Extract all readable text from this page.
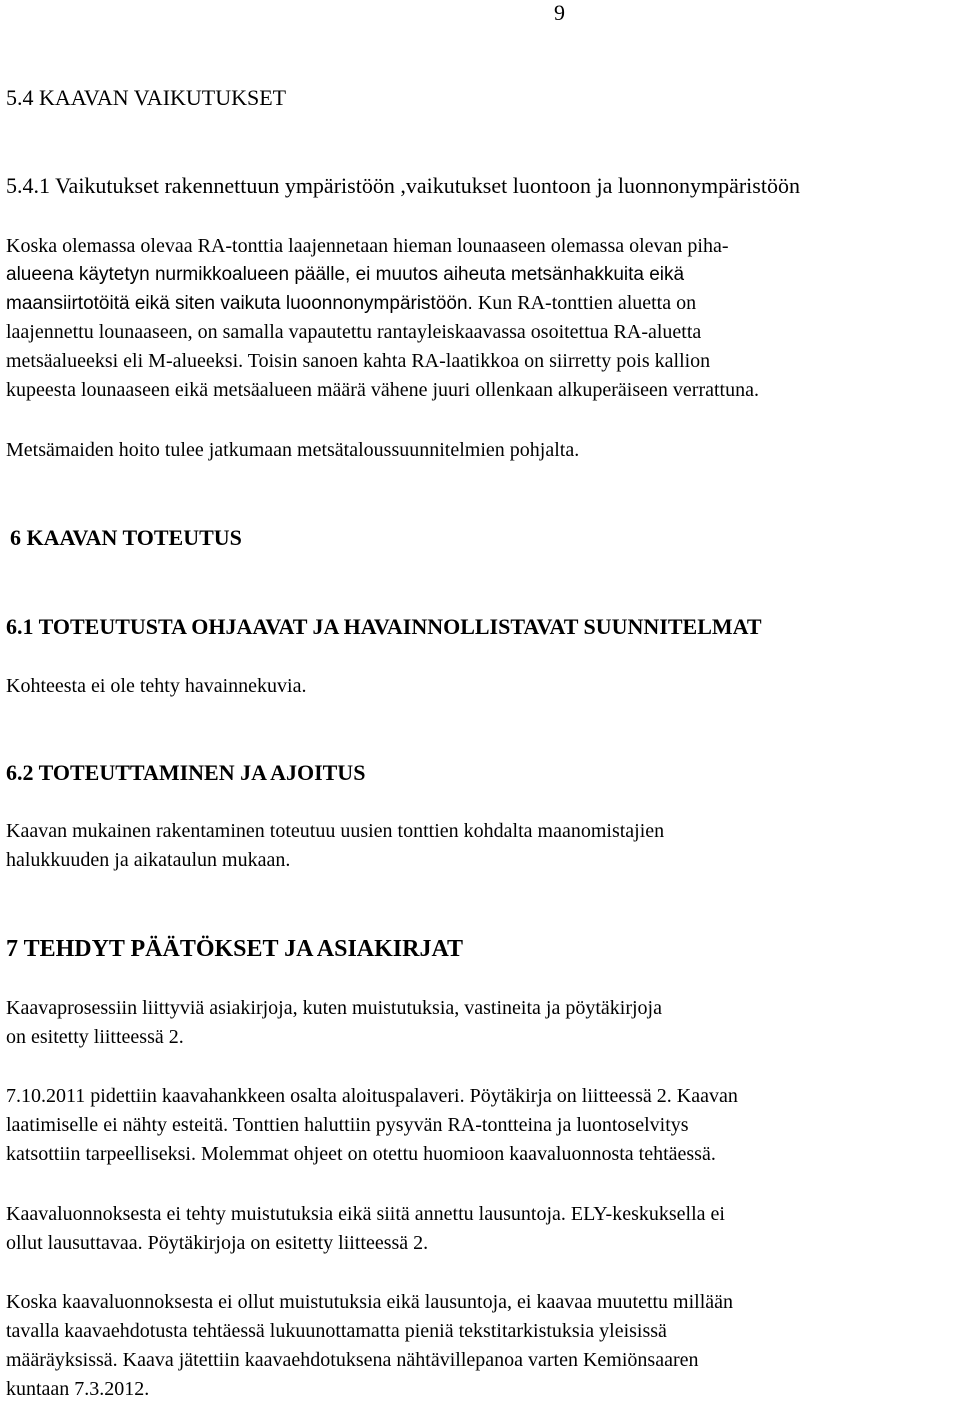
9
5.4 KAAVAN VAIKUTUKSET
5.4.1 Vaikutukset rakennettuun ympäristöön ,vaikutukset luontoon ja luonnonympäristöön
Koska olemassa olevaa RA-tonttia laajennetaan hieman lounaaseen olemassa olevan piha-
alueena käytetyn nurmikkoalueen päälle, ei muutos aiheuta metsänhakkuita eikä
maansiirtotöitä eikä siten vaikuta luoonnonympäristöön. Kun RA-tonttien aluetta on
laajennettu lounaaseen, on samalla vapautettu rantayleiskaavassa osoitettua RA-aluetta
metsäalueeksi eli M-alueeksi. Toisin sanoen kahta RA-laatikkoa on siirretty pois kallion
kupeesta lounaaseen eikä metsäalueen määrä vähene juuri ollenkaan alkuperäiseen verrattuna.
Metsämaiden hoito tulee jatkumaan metsätaloussuunnitelmien pohjalta.
6 KAAVAN TOTEUTUS
6.1 TOTEUTUSTA OHJAAVAT JA HAVAINNOLLISTAVAT SUUNNITELMAT
Kohteesta ei ole tehty havainnekuvia.
6.2 TOTEUTTAMINEN JA AJOITUS
Kaavan mukainen rakentaminen toteutuu uusien tonttien kohdalta maanomistajien
halukkuuden ja aikataulun mukaan.
7 TEHDYT PÄÄTÖKSET JA ASIAKIRJAT
Kaavaprosessiin liittyviä asiakirjoja, kuten muistutuksia, vastineita ja pöytäkirjoja
on esitetty liitteessä 2.
7.10.2011 pidettiin kaavahankkeen osalta aloituspalaveri. Pöytäkirja on liitteessä 2. Kaavan
laatimiselle ei nähty esteitä. Tonttien haluttiin pysyvän RA-tontteina ja luontoselvitys
katsottiin tarpeelliseksi. Molemmat ohjeet on otettu huomioon kaavaluonnosta tehtäessä.
Kaavaluonnoksesta ei tehty muistutuksia eikä siitä annettu lausuntoja. ELY-keskuksella ei
ollut lausuttavaa. Pöytäkirjoja on esitetty liitteessä 2.
Koska kaavaluonnoksesta ei ollut muistutuksia eikä lausuntoja, ei kaavaa muutettu millään
tavalla kaavaehdotusta tehtäessä lukuunottamatta pieniä tekstitarkistuksia yleisissä
määräyksissä. Kaava jätettiin kaavaehdotuksena nähtävillepanoa varten Kemiönsaaren
kuntaan 7.3.2012.
